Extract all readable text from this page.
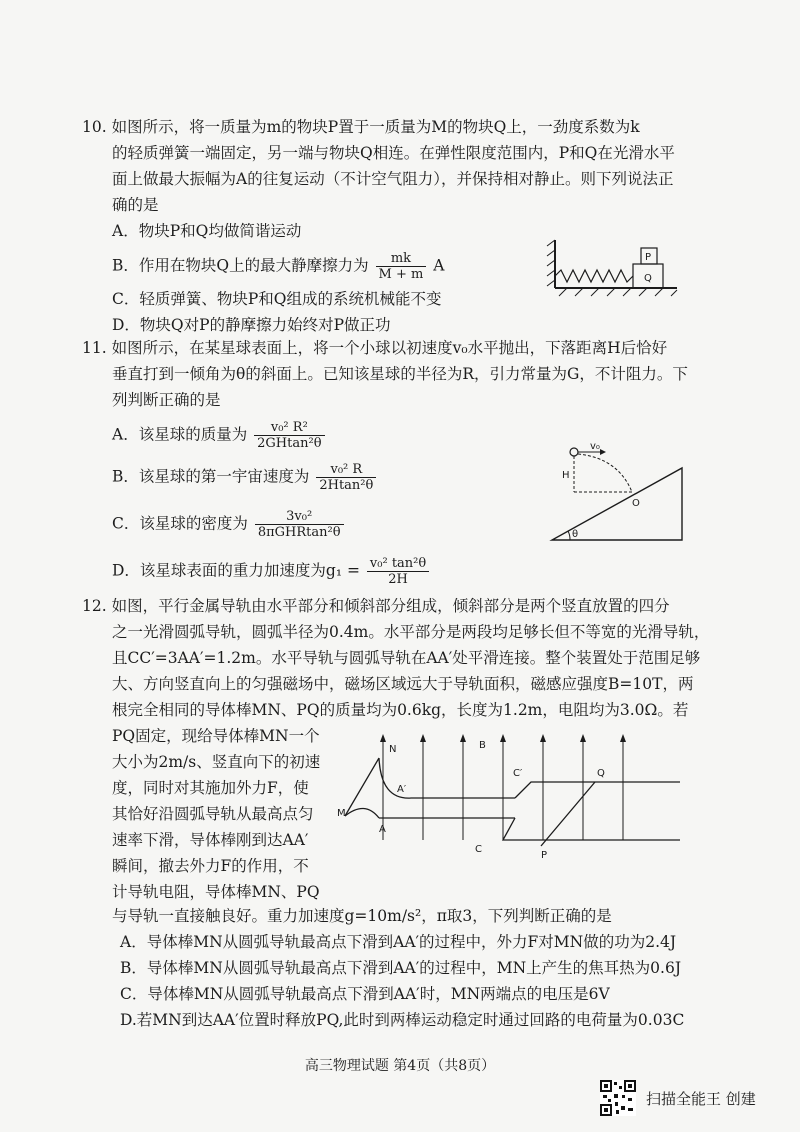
10. 如图所示，将一质量为m的物块P置于一质量为M的物块Q上，一劲度系数为k
的轻质弹簧一端固定，另一端与物块Q相连。在弹性限度范围内，P和Q在光滑水平
面上做最大振幅为A的往复运动（不计空气阻力），并保持相对静止。则下列说法正
确的是
A．物块P和Q均做简谐运动
B．作用在物块Q上的最大静摩擦力为 $\frac{mk}{M + m}$ A
C．轻质弹簧、物块P和Q组成的系统机械能不变
D．物块Q对P的静摩擦力始终对P做正功
P
Q
11. 如图所示，在某星球表面上，将一个小球以初速度v₀水平抛出，下落距离H后恰好
垂直打到一倾角为θ的斜面上。已知该星球的半径为R，引力常量为G，不计阻力。下
列判断正确的是
A．该星球的质量为 $\frac{\text{v₀² R²}}{\text{2GHtan²θ}}$
B．该星球的第一宇宙速度为 $\frac{\text{v₀² R}}{\text{2Htan²θ}}$
C．该星球的密度为 $\frac{\text{3v₀²}}{\text{8πGHRtan²θ}}$
D．该星球表面的重力加速度为$g_1 = \frac{\text{v₀² tan²θ}}{2H}$
v₀
H
O
θ
12. 如图，平行金属导轨由水平部分和倾斜部分组成，倾斜部分是两个竖直放置的四分
之一光滑圆弧导轨，圆弧半径为0.4m。水平部分是两段均足够长但不等宽的光滑导轨，
且CC′=3AA′=1.2m。水平导轨与圆弧导轨在AA′处平滑连接。整个装置处于范围足够
大、方向竖直向上的匀强磁场中，磁场区域远大于导轨面积，磁感应强度B=10T，两
根完全相同的导体棒MN、PQ的质量均为0.6kg，长度为1.2m，电阻均为3.0Ω。若
PQ固定，现给导体棒MN一个
大小为2m/s、竖直向下的初速
度，同时对其施加外力F，使
其恰好沿圆弧导轨从最高点匀
速率下滑，导体棒刚到达AA′
瞬间，撤去外力F的作用，不
计导轨电阻，导体棒MN、PQ
与导轨一直接触良好。重力加速度g=10m/s²，π取3，下列判断正确的是
A．导体棒MN从圆弧导轨最高点下滑到AA′的过程中，外力F对MN做的功为2.4J
B．导体棒MN从圆弧导轨最高点下滑到AA′的过程中，MN上产生的焦耳热为0.6J
C．导体棒MN从圆弧导轨最高点下滑到AA′时，MN两端点的电压是6V
D.若MN到达AA′位置时释放PQ,此时到两棒运动稳定时通过回路的电荷量为0.03C
N	B
M
A′
A
C′
C
Q
P
高三物理试题 第4页（共8页）
扫描全能王 创建
